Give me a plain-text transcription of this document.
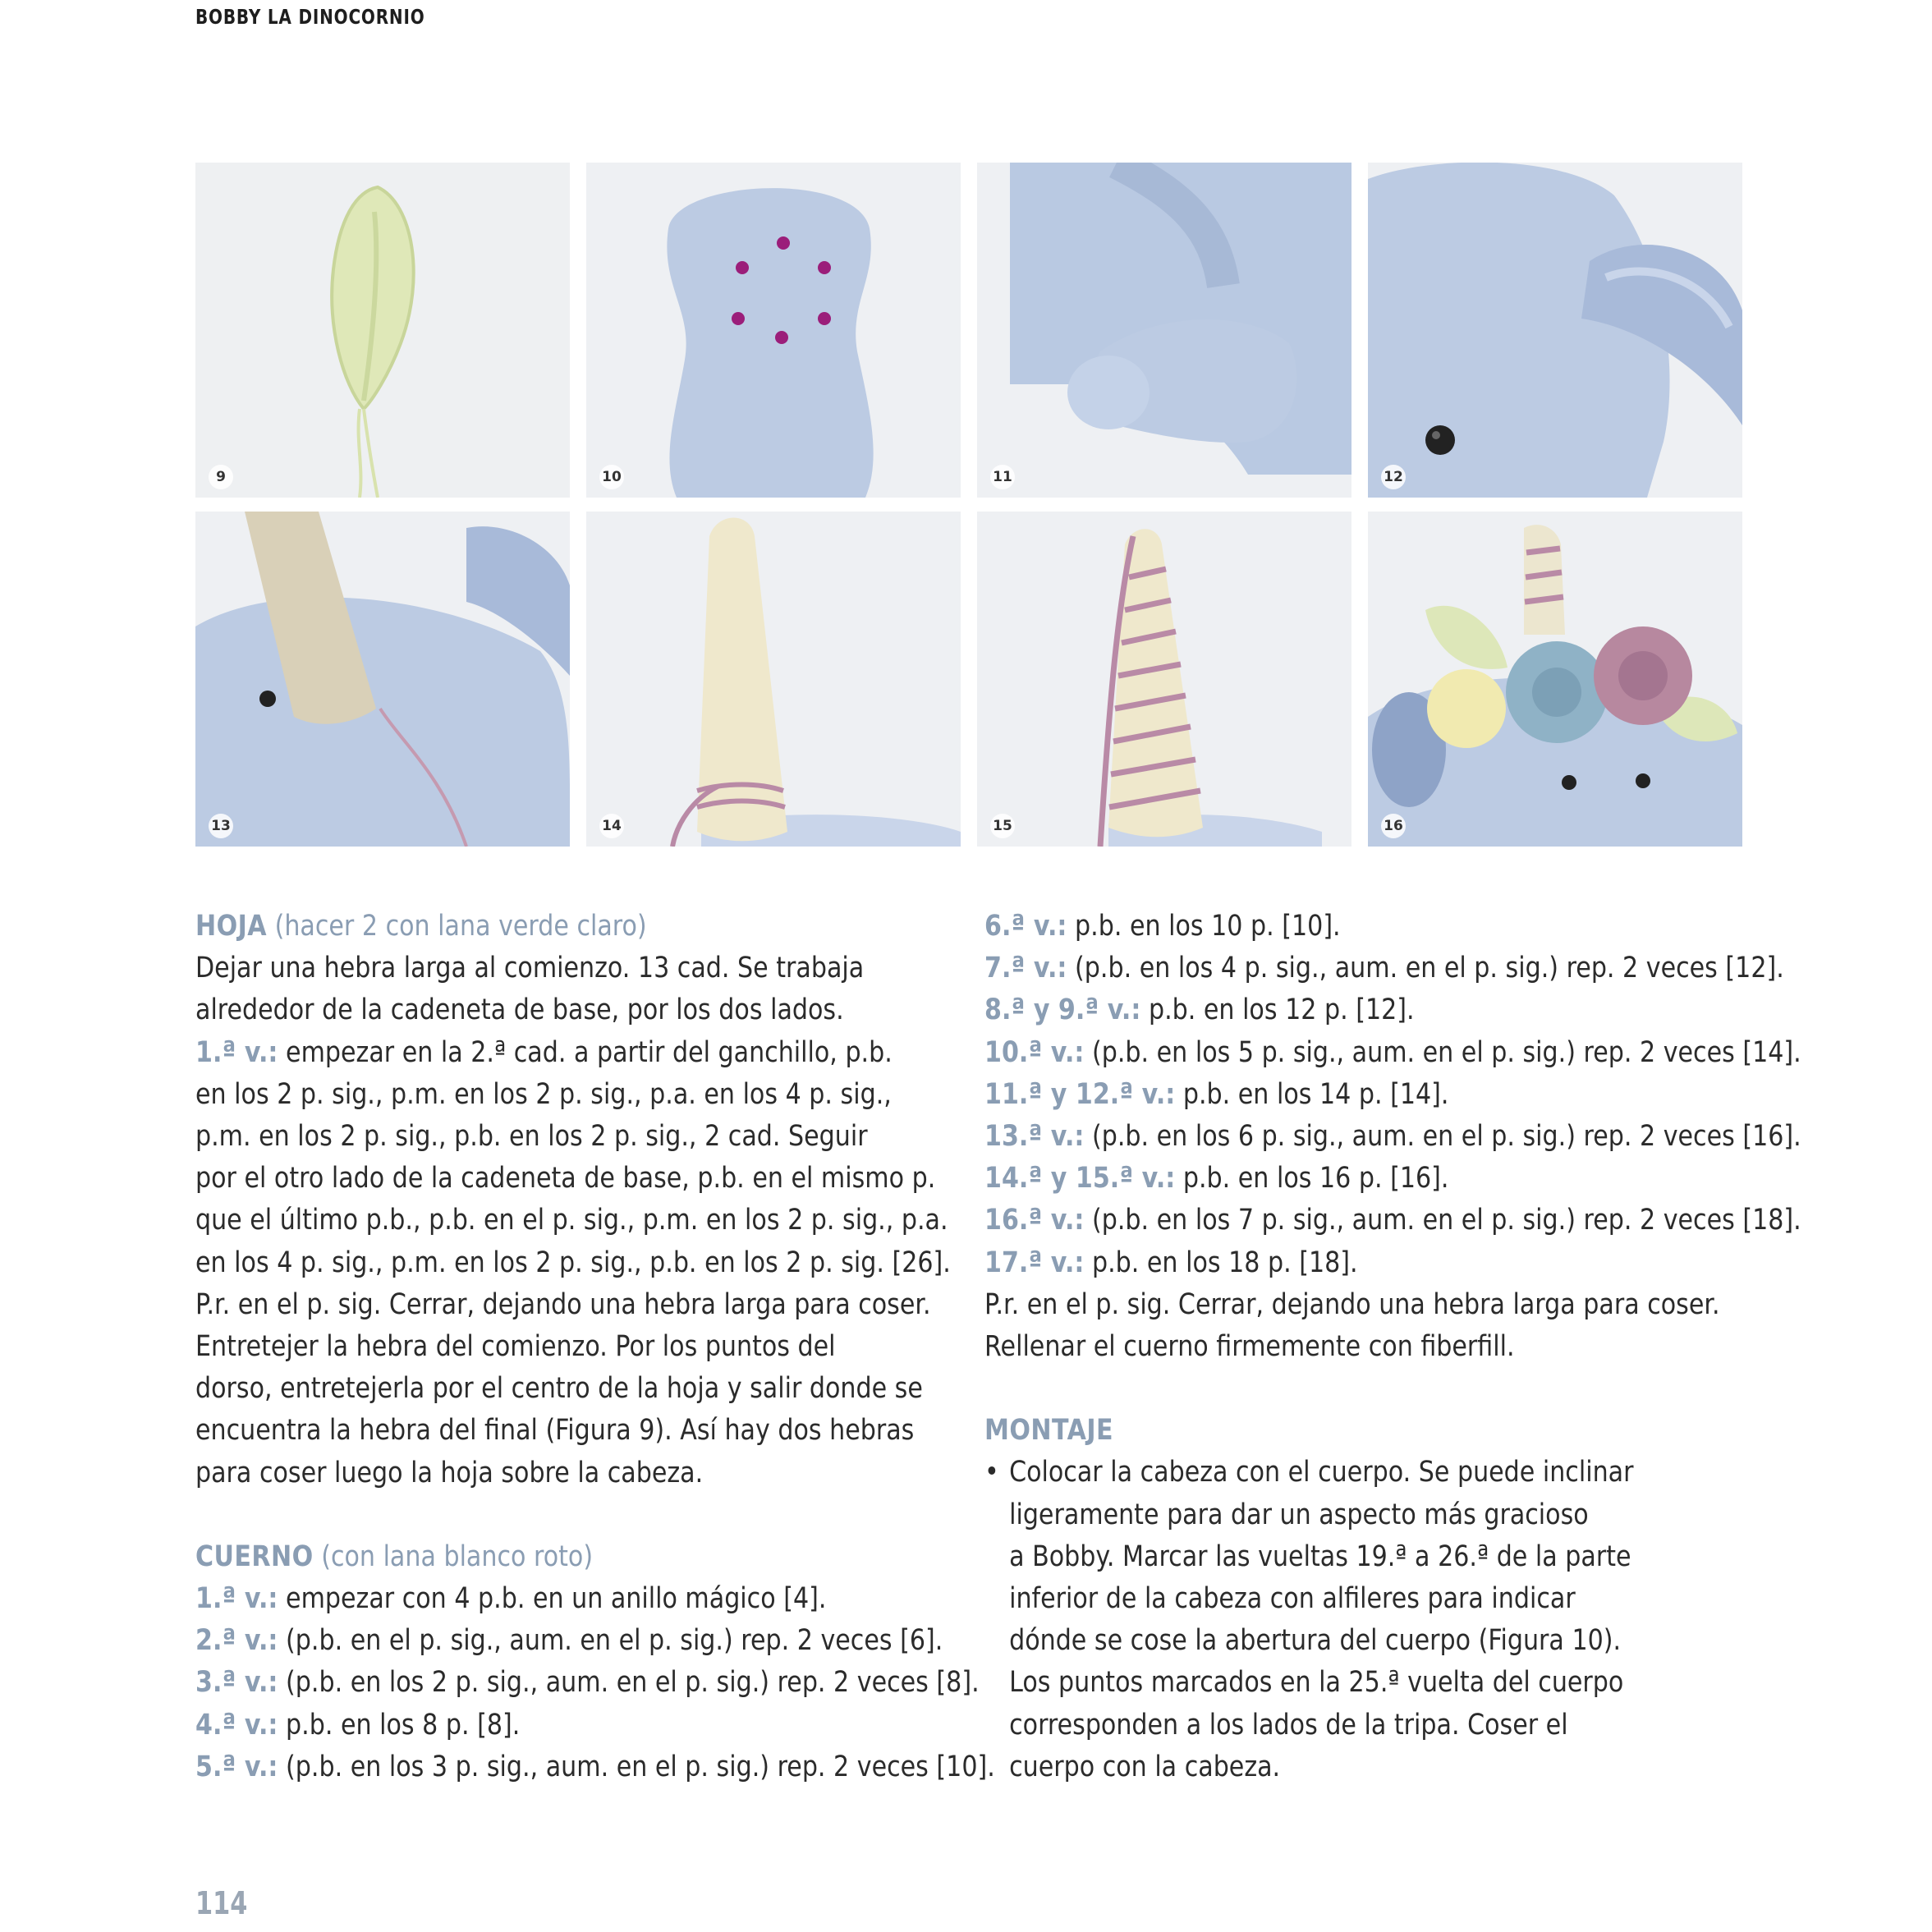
BOBBY LA DINOCORNIO
9	10	11	12
13	14	15	16

HOJA (hacer 2 con lana verde claro)

Dejar una hebra larga al comienzo. 13 cad. Se trabaja

alrededor de la cadeneta de base, por los dos lados.

1.ª v.: empezar en la 2.ª cad. a partir del ganchillo, p.b.

en los 2 p. sig., p.m. en los 2 p. sig., p.a. en los 4 p. sig.,

p.m. en los 2 p. sig., p.b. en los 2 p. sig., 2 cad. Seguir

por el otro lado de la cadeneta de base, p.b. en el mismo p.

que el último p.b., p.b. en el p. sig., p.m. en los 2 p. sig., p.a.

en los 4 p. sig., p.m. en los 2 p. sig., p.b. en los 2 p. sig. [26].

P.r. en el p. sig. Cerrar, dejando una hebra larga para coser.

Entretejer la hebra del comienzo. Por los puntos del

dorso, entretejerla por el centro de la hoja y salir donde se

encuentra la hebra del final (Figura 9). Así hay dos hebras

para coser luego la hoja sobre la cabeza.

CUERNO (con lana blanco roto)

1.ª v.: empezar con 4 p.b. en un anillo mágico [4].

2.ª v.: (p.b. en el p. sig., aum. en el p. sig.) rep. 2 veces [6].

3.ª v.: (p.b. en los 2 p. sig., aum. en el p. sig.) rep. 2 veces [8].

4.ª v.: p.b. en los 8 p. [8].

5.ª v.: (p.b. en los 3 p. sig., aum. en el p. sig.) rep. 2 veces [10].

6.ª v.: p.b. en los 10 p. [10].

7.ª v.: (p.b. en los 4 p. sig., aum. en el p. sig.) rep. 2 veces [12].

8.ª y 9.ª v.: p.b. en los 12 p. [12].

10.ª v.: (p.b. en los 5 p. sig., aum. en el p. sig.) rep. 2 veces [14].

11.ª y 12.ª v.: p.b. en los 14 p. [14].

13.ª v.: (p.b. en los 6 p. sig., aum. en el p. sig.) rep. 2 veces [16].

14.ª y 15.ª v.: p.b. en los 16 p. [16].

16.ª v.: (p.b. en los 7 p. sig., aum. en el p. sig.) rep. 2 veces [18].

17.ª v.: p.b. en los 18 p. [18].

P.r. en el p. sig. Cerrar, dejando una hebra larga para coser.

Rellenar el cuerno firmemente con fiberfill.

MONTAJE

• Colocar la cabeza con el cuerpo. Se puede inclinar

ligeramente para dar un aspecto más gracioso

a Bobby. Marcar las vueltas 19.ª a 26.ª de la parte

inferior de la cabeza con alfileres para indicar

dónde se cose la abertura del cuerpo (Figura 10).

Los puntos marcados en la 25.ª vuelta del cuerpo

corresponden a los lados de la tripa. Coser el

cuerpo con la cabeza.

114
